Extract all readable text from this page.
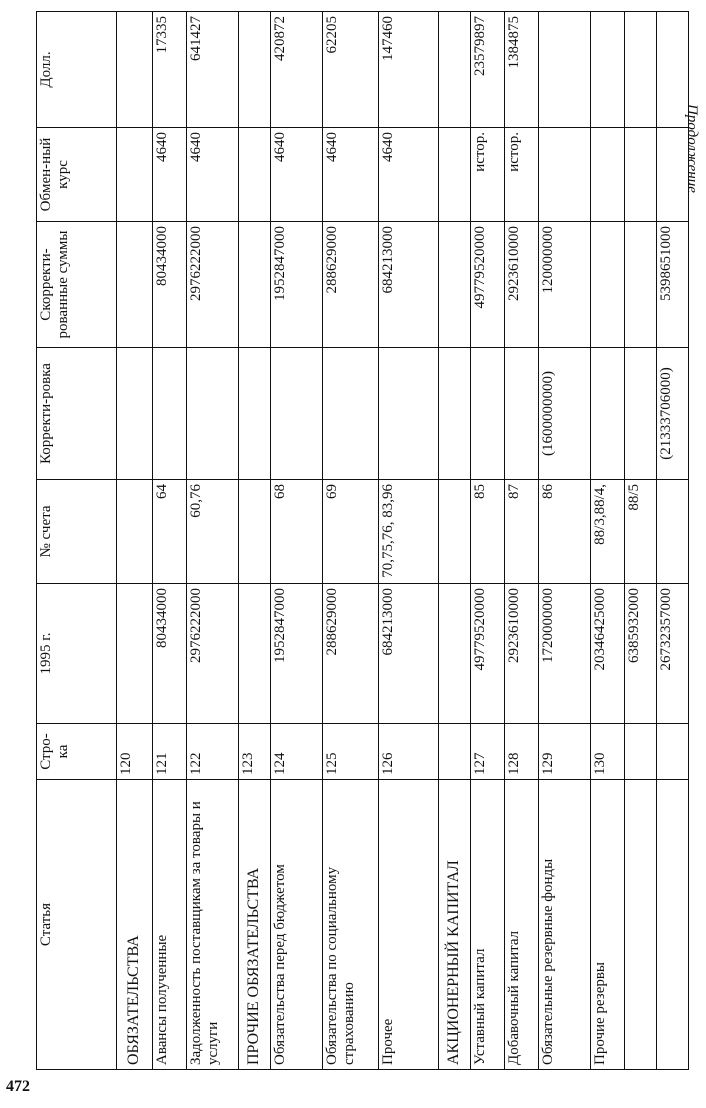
Продолжение
472
Статья	Стро-ка	1995 г.	№ счета	Корректи-ровка	Скорректи-рованные суммы	Обмен-ный курс	Долл.
ОБЯЗАТЕЛЬСТВА	120						
Авансы полученные	121	80434000	64		80434000	4640	17335
Задолженность поставщикам за товары и услуги	122	2976222000	60,76		2976222000	4640	641427
ПРОЧИЕ ОБЯЗАТЕЛЬСТВА	123						
Обязательства перед бюджетом	124	1952847000	68		1952847000	4640	420872
Обязательства по социальному страхованию	125	288629000	69		288629000	4640	62205
Прочее	126	684213000	70,75,76, 83,96		684213000	4640	147460
АКЦИОНЕРНЫЙ КАПИТАЛ							
Уставный капитал	127	49779520000	85		49779520000	истор.	23579897
Добавочный капитал	128	2923610000	87		2923610000	истор.	1384875
Обязательные резервные фонды	129	1720000000	86	(1600000000)	120000000		
Прочие резервы	130	20346425000	88/3,88/4,				
		6385932000	88/5				
		26732357000		(21333706000)	5398651000		
